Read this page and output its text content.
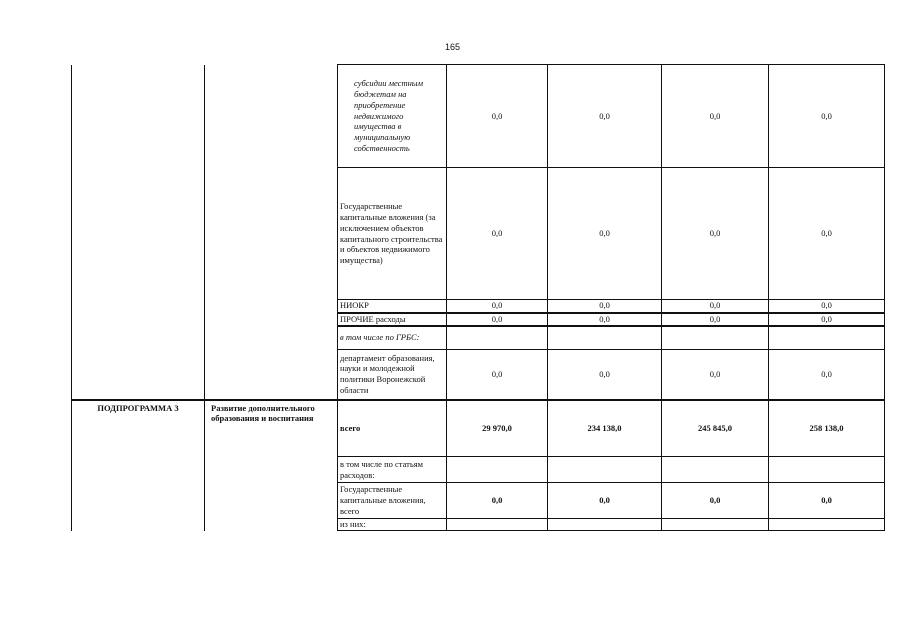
165
		субсидии местным бюджетам на приобретение недвижимого имущества в муниципальную собственность	0,0	0,0	0,0	0,0
		Государственные капитальные вложения (за исключением объектов капитального строительства и объектов недвижимого имущества)	0,0	0,0	0,0	0,0
		НИОКР	0,0	0,0	0,0	0,0
		ПРОЧИЕ расходы	0,0	0,0	0,0	0,0
		в том числе по ГРБС:				
		департамент образования, науки и молодежной политики Воронежской области	0,0	0,0	0,0	0,0
ПОДПРОГРАММА 3	Развитие дополнительного образования и воспитания	всего	29 970,0	234 138,0	245 845,0	258 138,0
		в том числе по статьям расходов:				
		Государственные капитальные вложения, всего	0,0	0,0	0,0	0,0
		из них:				
